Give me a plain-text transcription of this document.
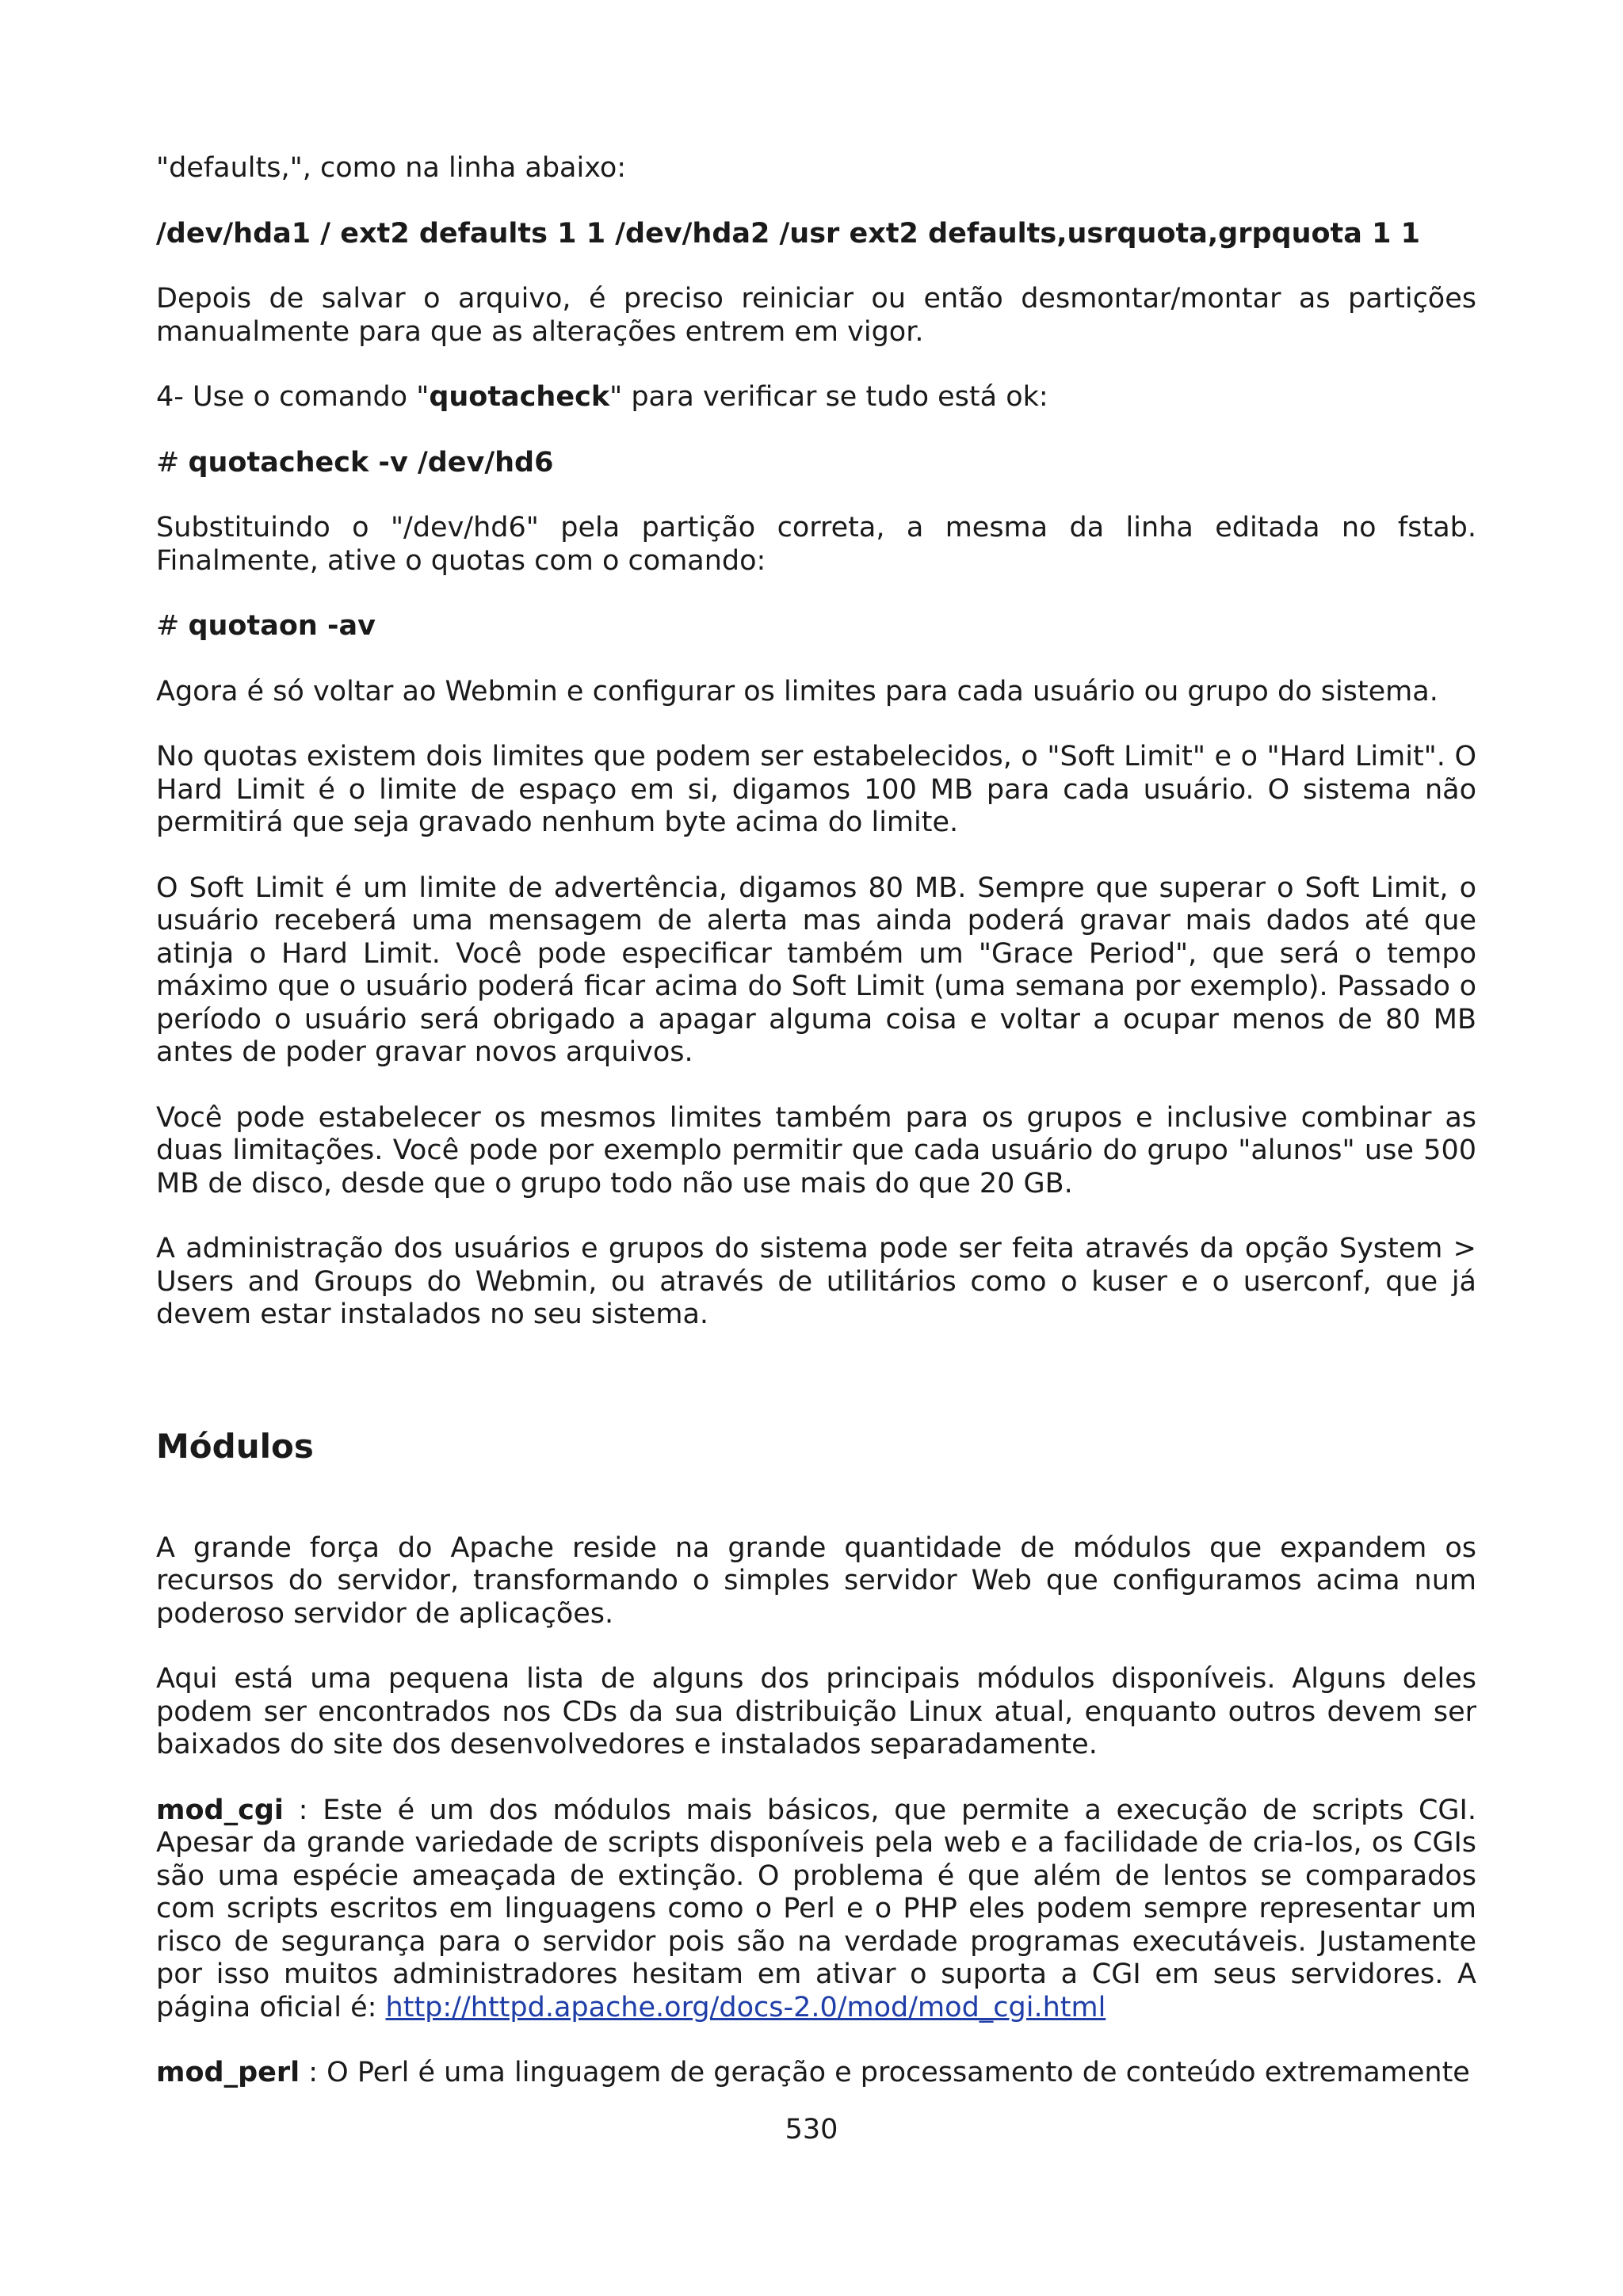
"defaults,", como na linha abaixo:

/dev/hda1 / ext2 defaults 1 1 /dev/hda2 /usr ext2 defaults,usrquota,grpquota 1 1

Depois de salvar o arquivo, é preciso reiniciar ou então desmontar/montar as partições manualmente para que as alterações entrem em vigor.

4- Use o comando "quotacheck" para verificar se tudo está ok:

# quotacheck -v /dev/hd6

Substituindo o "/dev/hd6" pela partição correta, a mesma da linha editada no fstab. Finalmente, ative o quotas com o comando:

# quotaon -av

Agora é só voltar ao Webmin e configurar os limites para cada usuário ou grupo do sistema.

No quotas existem dois limites que podem ser estabelecidos, o "Soft Limit" e o "Hard Limit". O Hard Limit é o limite de espaço em si, digamos 100 MB para cada usuário. O sistema não permitirá que seja gravado nenhum byte acima do limite.

O Soft Limit é um limite de advertência, digamos 80 MB. Sempre que superar o Soft Limit, o usuário receberá uma mensagem de alerta mas ainda poderá gravar mais dados até que atinja o Hard Limit. Você pode especificar também um "Grace Period", que será o tempo máximo que o usuário poderá ficar acima do Soft Limit (uma semana por exemplo). Passado o período o usuário será obrigado a apagar alguma coisa e voltar a ocupar menos de 80 MB antes de poder gravar novos arquivos.

Você pode estabelecer os mesmos limites também para os grupos e inclusive combinar as duas limitações. Você pode por exemplo permitir que cada usuário do grupo "alunos" use 500 MB de disco, desde que o grupo todo não use mais do que 20 GB.

A administração dos usuários e grupos do sistema pode ser feita através da opção System > Users and Groups do Webmin, ou através de utilitários como o kuser e o userconf, que já devem estar instalados no seu sistema.

Módulos

A grande força do Apache reside na grande quantidade de módulos que expandem os recursos do servidor, transformando o simples servidor Web que configuramos acima num poderoso servidor de aplicações.

Aqui está uma pequena lista de alguns dos principais módulos disponíveis. Alguns deles podem ser encontrados nos CDs da sua distribuição Linux atual, enquanto outros devem ser baixados do site dos desenvolvedores e instalados separadamente.

mod_cgi : Este é um dos módulos mais básicos, que permite a execução de scripts CGI. Apesar da grande variedade de scripts disponíveis pela web e a facilidade de cria-los, os CGIs são uma espécie ameaçada de extinção. O problema é que além de lentos se comparados com scripts escritos em linguagens como o Perl e o PHP eles podem sempre representar um risco de segurança para o servidor pois são na verdade programas executáveis. Justamente por isso muitos administradores hesitam em ativar o suporta a CGI em seus servidores. A página oficial é: http://httpd.apache.org/docs-2.0/mod/mod_cgi.html

mod_perl : O Perl é uma linguagem de geração e processamento de conteúdo extremamente

530
